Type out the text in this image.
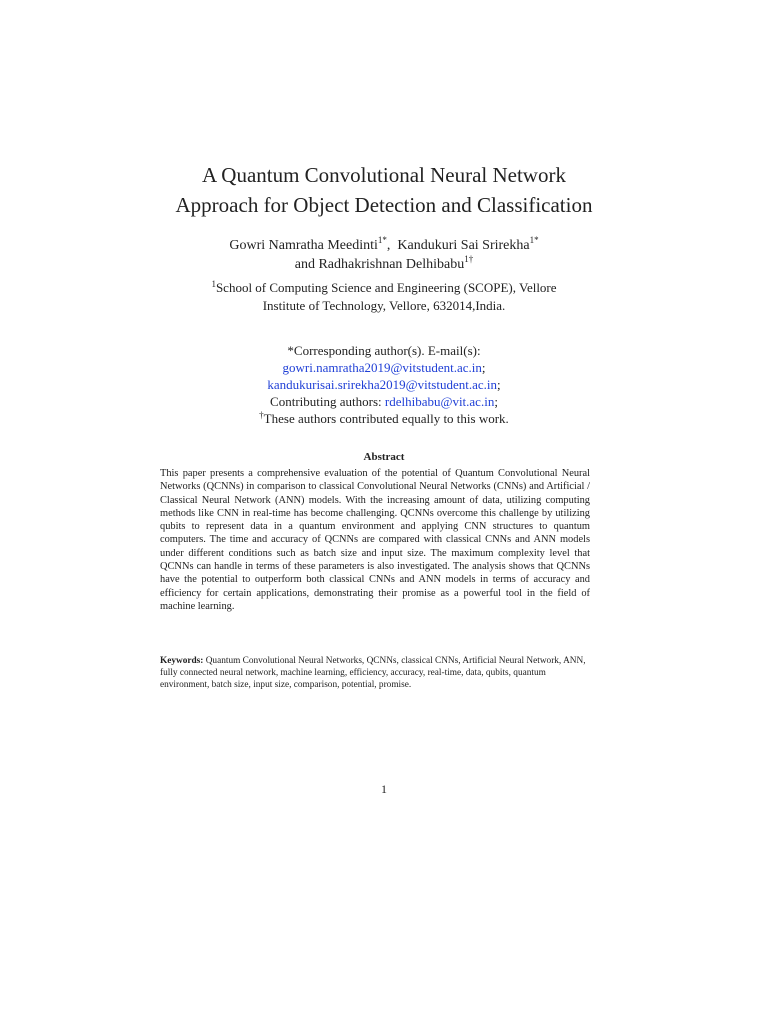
A Quantum Convolutional Neural Network
Approach for Object Detection and Classification
Gowri Namratha Meedinti$^{1*}$, Kandukuri Sai Srirekha$^{1*}$
and Radhakrishnan Delhibabu$^{1\dagger}$
$^1$School of Computing Science and Engineering (SCOPE), Vellore
Institute of Technology, Vellore, 632014,India.
*Corresponding author(s). E-mail(s):
gowri.namratha2019@vitstudent.ac.in;
kandukurisai.srirekha2019@vitstudent.ac.in;
Contributing authors: rdelhibabu@vit.ac.in;
†These authors contributed equally to this work.
Abstract

This paper presents a comprehensive evaluation of the potential of Quantum Convolutional Neural Networks (QCNNs) in comparison to classical Convolutional Neural Networks (CNNs) and Artificial / Classical Neural Network (ANN) models. With the increasing amount of data, utilizing computing methods like CNN in real-time has become challenging. QCNNs overcome this challenge by utilizing qubits to represent data in a quantum environment and applying CNN structures to quantum computers. The time and accuracy of QCNNs are compared with classical CNNs and ANN models under different conditions such as batch size and input size. The maximum complexity level that QCNNs can handle in terms of these parameters is also investigated. The analysis shows that QCNNs have the potential to outperform both classical CNNs and ANN models in terms of accuracy and efficiency for certain applications, demonstrating their promise as a powerful tool in the field of machine learning.

Keywords: Quantum Convolutional Neural Networks, QCNNs, classical CNNs, Artificial Neural Network, ANN, fully connected neural network, machine learning, efficiency, accuracy, real-time, data, qubits, quantum environment, batch size, input size, comparison, potential, promise.

1
